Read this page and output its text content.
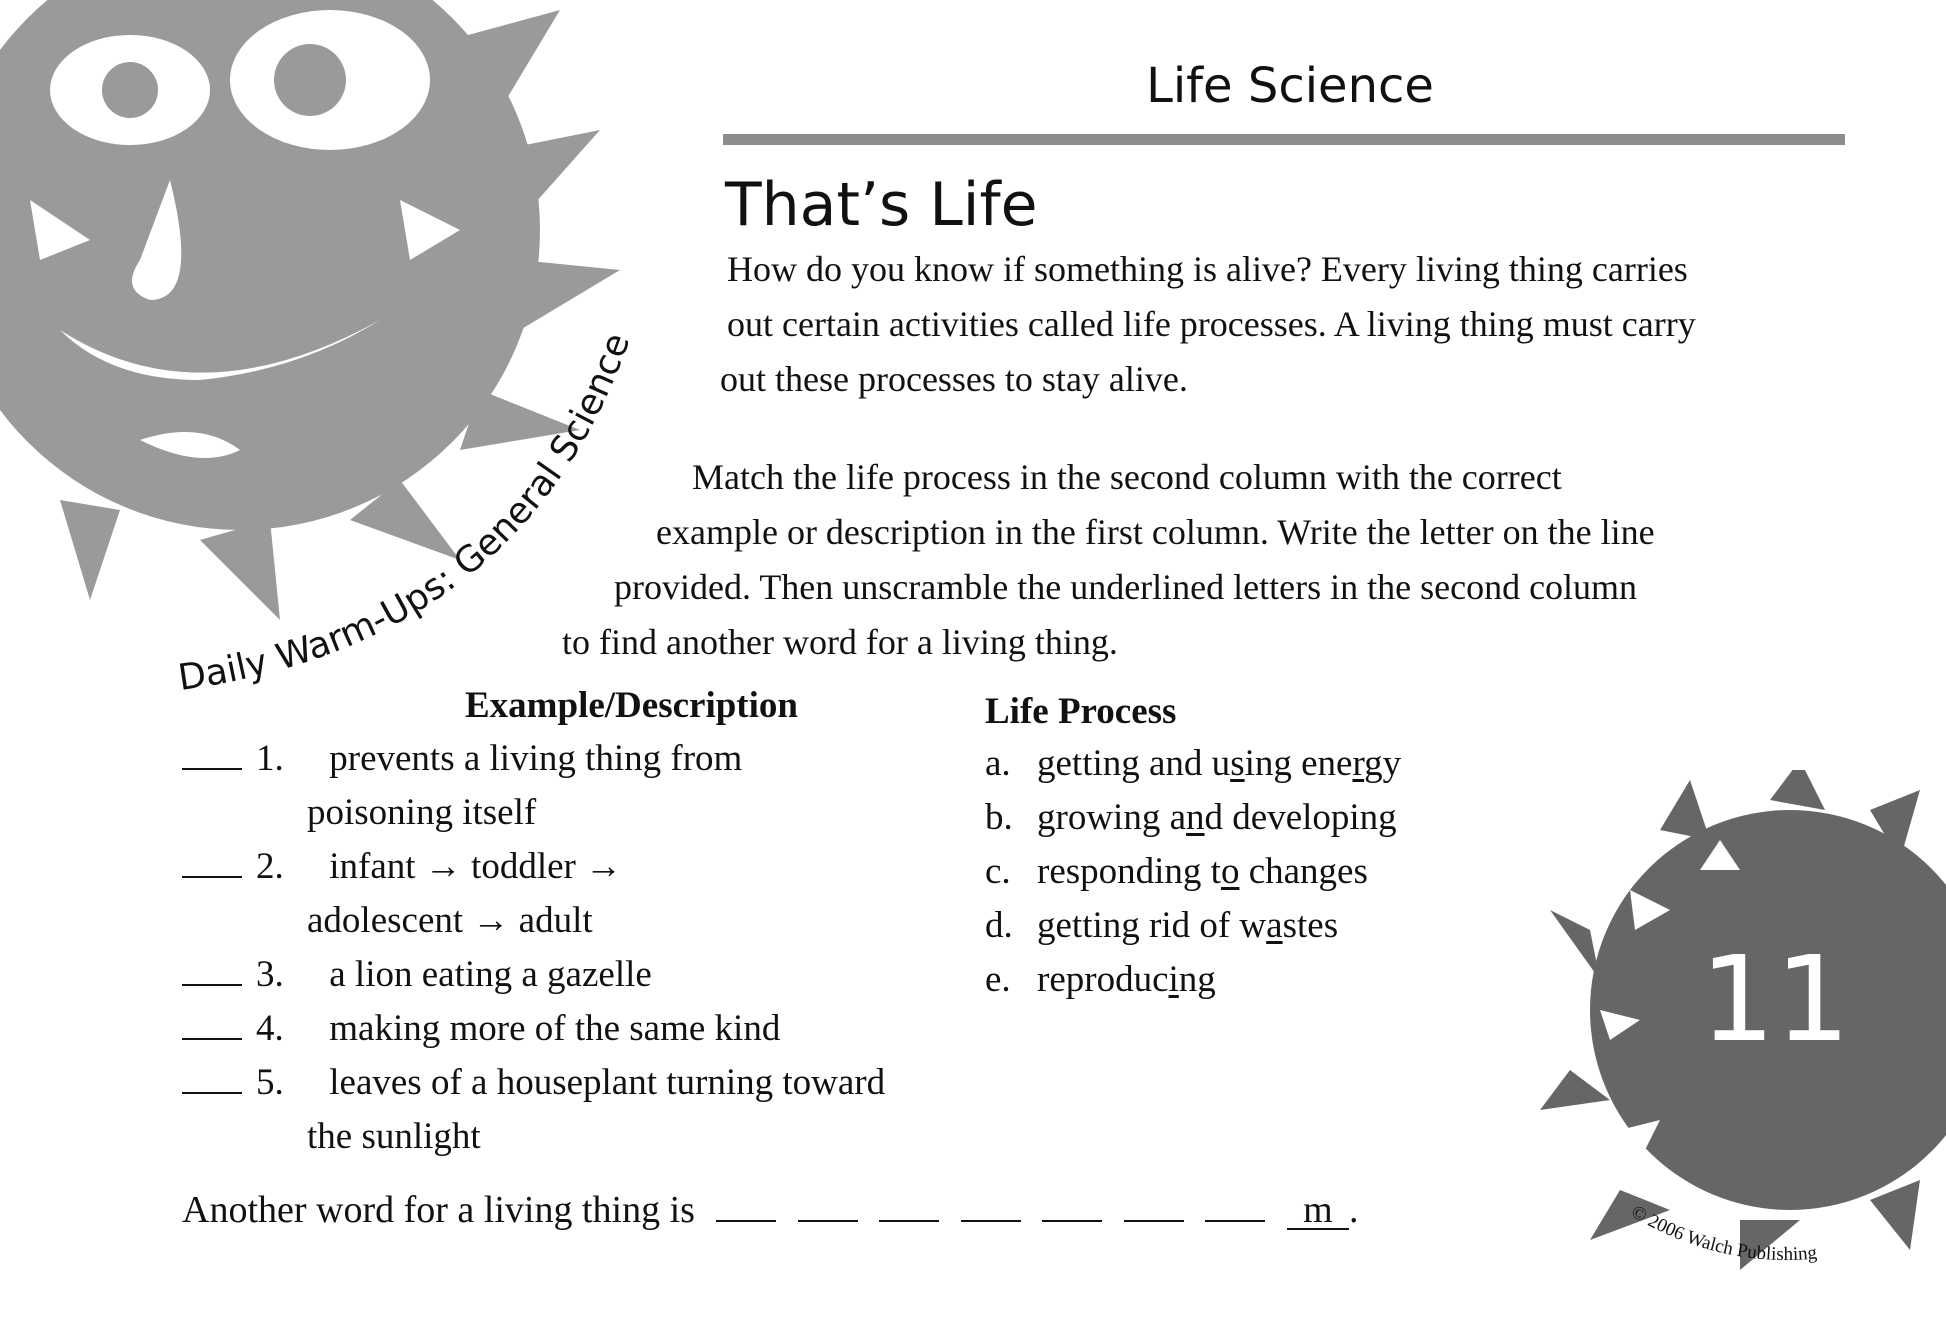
Daily Warm-Ups: General Science
Life Science
That’s Life
How do you know if something is alive? Every living thing carries
out certain activities called life processes. A living thing must carry
out these processes to stay alive.
Match the life process in the second column with the correct
example or description in the first column. Write the letter on the line
provided. Then unscramble the underlined letters in the second column
to find another word for a living thing.
Example/Description	Life Process
1. prevents a living thing from
poisoning itself
2. infant → toddler →
adolescent → adult
3. a lion eating a gazelle
4. making more of the same kind
5. leaves of a houseplant turning toward
the sunlight
a. getting and using energy
b. growing and developing
c. responding to changes
d. getting rid of wastes
e. reproducing
Another word for a living thing is	m .
11
© 2006 Walch Publishing
